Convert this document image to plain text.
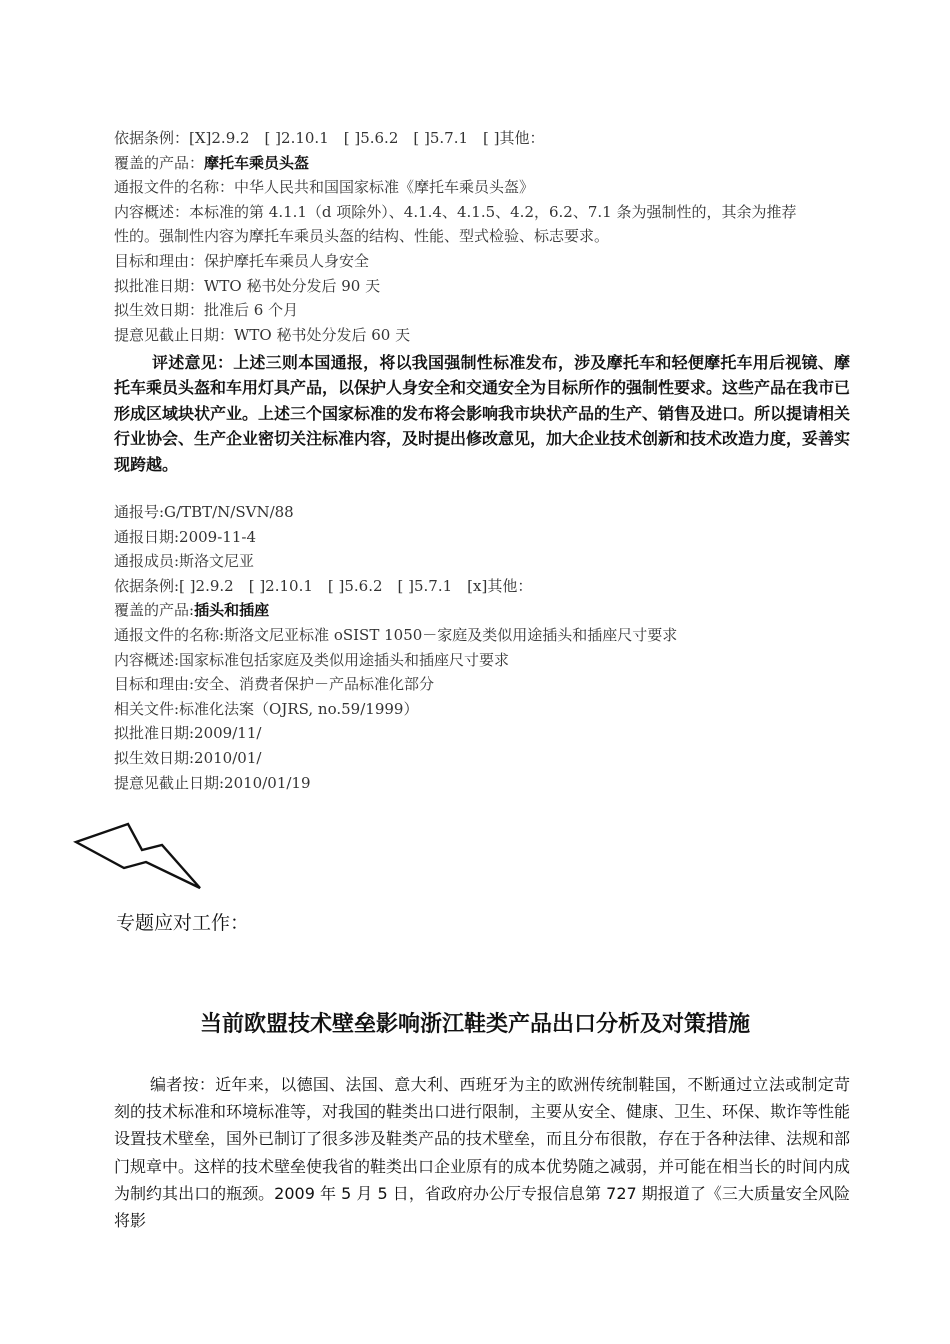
依据条例：[X]2.9.2　[ ]2.10.1　[ ]5.6.2　[ ]5.7.1　[ ]其他：
覆盖的产品：摩托车乘员头盔
通报文件的名称：中华人民共和国国家标准《摩托车乘员头盔》
内容概述：本标准的第 4.1.1（d 项除外）、4.1.4、4.1.5、4.2，6.2、7.1 条为强制性的，其余为推荐
性的。强制性内容为摩托车乘员头盔的结构、性能、型式检验、标志要求。
目标和理由：保护摩托车乘员人身安全
拟批准日期：WTO 秘书处分发后 90 天
拟生效日期：批准后 6 个月
提意见截止日期：WTO 秘书处分发后 60 天
评述意见：上述三则本国通报，将以我国强制性标准发布，涉及摩托车和轻便摩托车用后视镜、摩托车乘员头盔和车用灯具产品，以保护人身安全和交通安全为目标所作的强制性要求。这些产品在我市已形成区域块状产业。上述三个国家标准的发布将会影响我市块状产品的生产、销售及进口。所以提请相关行业协会、生产企业密切关注标准内容，及时提出修改意见，加大企业技术创新和技术改造力度，妥善实现跨越。
通报号:G/TBT/N/SVN/88
通报日期:2009-11-4
通报成员:斯洛文尼亚
依据条例:[ ]2.9.2　[ ]2.10.1　[ ]5.6.2　[ ]5.7.1　[x]其他：
覆盖的产品:插头和插座
通报文件的名称:斯洛文尼亚标准 oSIST 1050－家庭及类似用途插头和插座尺寸要求
内容概述:国家标准包括家庭及类似用途插头和插座尺寸要求
目标和理由:安全、消费者保护－产品标准化部分
相关文件:标准化法案（OJRS, no.59/1999）
拟批准日期:2009/11/
拟生效日期:2010/01/
提意见截止日期:2010/01/19
专题应对工作：
当前欧盟技术壁垒影响浙江鞋类产品出口分析及对策措施
编者按：近年来，以德国、法国、意大利、西班牙为主的欧洲传统制鞋国，不断通过立法或制定苛刻的技术标准和环境标准等，对我国的鞋类出口进行限制，主要从安全、健康、卫生、环保、欺诈等性能设置技术壁垒，国外已制订了很多涉及鞋类产品的技术壁垒，而且分布很散，存在于各种法律、法规和部门规章中。这样的技术壁垒使我省的鞋类出口企业原有的成本优势随之减弱，并可能在相当长的时间内成为制约其出口的瓶颈。2009 年 5 月 5 日，省政府办公厅专报信息第 727 期报道了《三大质量安全风险将影
